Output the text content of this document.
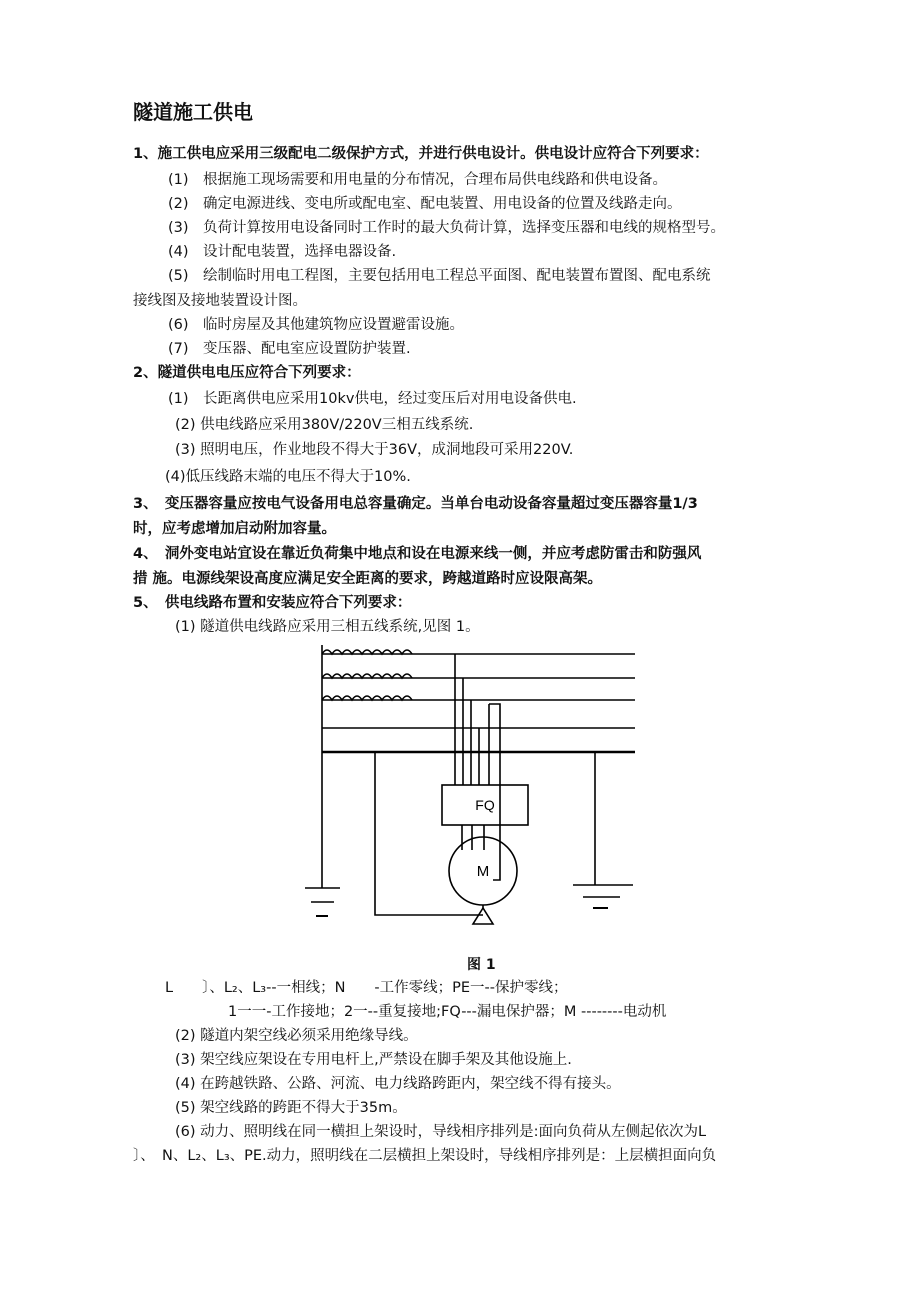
隧道施工供电
1、施工供电应采用三级配电二级保护方式，并进行供电设计。供电设计应符合下列要求：
(1)　根据施工现场需要和用电量的分布情况，合理布局供电线路和供电设备。
(2)　确定电源进线、变电所或配电室、配电装置、用电设备的位置及线路走向。
(3)　负荷计算按用电设备同时工作时的最大负荷计算，选择变压器和电线的规格型号。
(4)　设计配电装置，选择电器设备.
(5)　绘制临时用电工程图，主要包括用电工程总平面图、配电装置布置图、配电系统
接线图及接地装置设计图。
(6)　临时房屋及其他建筑物应设置避雷设施。
(7)　变压器、配电室应设置防护装置.
2、隧道供电电压应符合下列要求：
(1)　长距离供电应采用10kv供电，经过变压后对用电设备供电.
(2) 供电线路应采用380V/220V三相五线系统.
(3) 照明电压，作业地段不得大于36V，成洞地段可采用220V.
(4)低压线路末端的电压不得大于10%.
3、　变压器容量应按电气设备用电总容量确定。当单台电动设备容量超过变压器容量1/3
时，应考虑增加启动附加容量。
4、　洞外变电站宜设在靠近负荷集中地点和设在电源来线一侧，并应考虑防雷击和防强风
措 施。电源线架设高度应满足安全距离的要求，跨越道路时应设限高架。
5、　供电线路布置和安装应符合下列要求：
(1) 隧道供电线路应采用三相五线系统,见图 1。
FQ
M
图 1
L　　〕、L₂、L₃--一相线；N　　-工作零线；PE一--保护零线；
1一一-工作接地；2一--重复接地;FQ---漏电保护器；M --------电动机
(2) 隧道内架空线必须采用绝缘导线。
(3) 架空线应架设在专用电杆上,严禁设在脚手架及其他设施上.
(4) 在跨越铁路、公路、河流、电力线路跨距内，架空线不得有接头。
(5) 架空线路的跨距不得大于35m。
(6) 动力、照明线在同一横担上架设时，导线相序排列是:面向负荷从左侧起依次为L
〕、　N、L₂、L₃、PE.动力，照明线在二层横担上架设时，导线相序排列是：上层横担面向负
